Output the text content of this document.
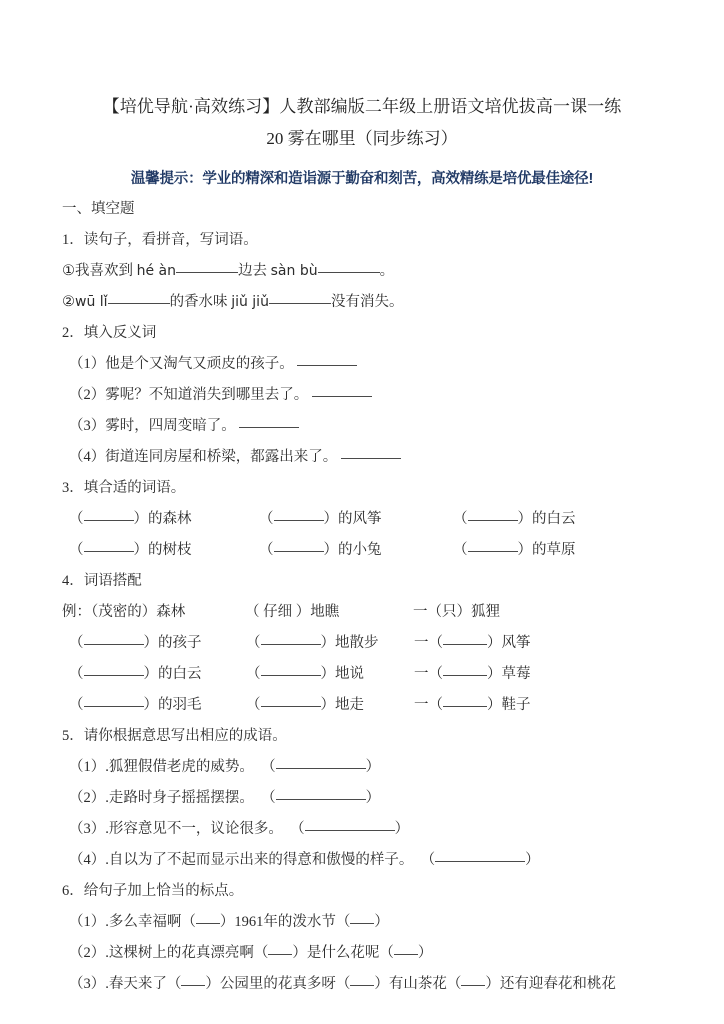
【培优导航·高效练习】人教部编版二年级上册语文培优拔高一课一练
20 雾在哪里（同步练习）
温馨提示：学业的精深和造诣源于勤奋和刻苦，高效精练是培优最佳途径!
一、填空题
1．读句子，看拼音，写词语。
①我喜欢到 hé àn	边去 sàn bù	。
②wū lǐ	的香水味 jiǔ jiǔ	没有消失。
2．填入反义词
（1）他是个又淘气又顽皮的孩子。
（2）雾呢？不知道消失到哪里去了。
（3）雾时，四周变暗了。
（4）街道连同房屋和桥梁，都露出来了。
3．填合适的词语。
（	）的森林	（	）的风筝	（	）的白云
（	）的树枝	（	）的小兔	（	）的草原
4．词语搭配
例：（茂密的）森林	（ 仔细 ）地瞧	一（只）狐狸
（	）的孩子	（	）地散步	一（	）风筝
（	）的白云	（	）地说	一（	）草莓
（	）的羽毛	（	）地走	一（	）鞋子
5．请你根据意思写出相应的成语。
（1）.狐狸假借老虎的威势。 （	）
（2）.走路时身子摇摇摆摆。 （	）
（3）.形容意见不一，议论很多。 （	）
（4）.自以为了不起而显示出来的得意和傲慢的样子。 （	）
6．给句子加上恰当的标点。
（1）.多么幸福啊（ ）1961年的泼水节（ ）
（2）.这棵树上的花真漂亮啊（ ）是什么花呢（ ）
（3）.春天来了（ ）公园里的花真多呀（ ）有山茶花（ ）还有迎春花和桃花
